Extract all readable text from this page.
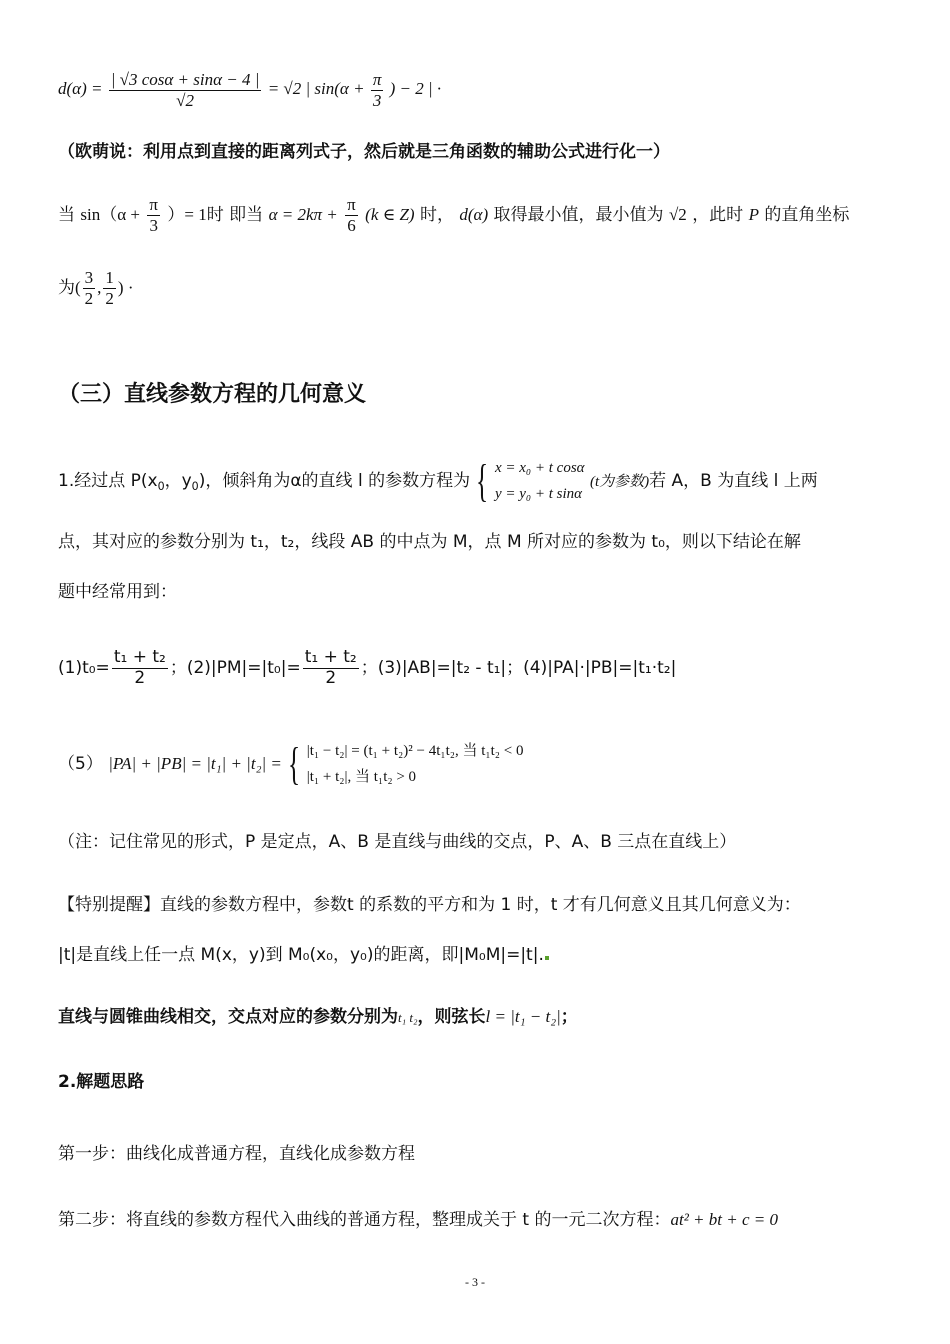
$d(\alpha) = \frac{| √3 \cos\alpha + \sin\alpha - 4 |}{√2} = √2$ | $\sin(\alpha + \frac{\pi}{3}$ ) − 2 | ·
（欧萌说：利用点到直接的距离列式子，然后就是三角函数的辅助公式进行化一）
当 $\sin(\alpha + \frac{\pi}{3}$ ）= 1时 即当 $\alpha = 2k\pi + \frac{\pi}{6} (k$ ∈ Z) 时， d(α) 取得最小值，最小值为 √2 ，此时 P 的直角坐标
为( $\frac{3}{2}$ , $\frac{1}{2}$ ) ·
（三）直线参数方程的几何意义
1.经过点 $P(x_0$，$y_0$)，倾斜角为α的直线 l 的参数方程为 { x = x₀ + t cosα
y = y₀ + t sinα
(t为参数)若 A，B 为直线 l 上两
点，其对应的参数分别为 t₁，t₂，线段 AB 的中点为 M，点 M 所对应的参数为 t₀，则以下结论在解
题中经常用到：
$(1)t_0= \frac{\text{t₁ + t₂}}{2}$ ；$(2)|PM|=|t_0|= \frac{\text{t₁ + t₂}}{2}$ ；(3)|AB|=|t₂ - t₁|；(4)|PA|·|PB|=|t₁·t₂|
（5） |PA| + |PB| = |t₁| + |t₂| = { |t₁ − t₂| = (t₁ + t₂)² − 4t₁t₂, 当 t₁t₂ < 0
|t₁ + t₂|, 当 t₁t₂ > 0
（注：记住常见的形式，P 是定点，A、B 是直线与曲线的交点，P、A、B 三点在直线上）
【特别提醒】直线的参数方程中，参数t 的系数的平方和为 1 时，t 才有几何意义且其几何意义为：
|t|是直线上任一点 M(x，y)到 M₀(x₀，y₀)的距离，即|M₀M|=|t|.
直线与圆锥曲线相交，交点对应的参数分别为t₁ t₂，则弦长l = |t₁ − t₂|；
2.解题思路
第一步：曲线化成普通方程，直线化成参数方程
第二步：将直线的参数方程代入曲线的普通方程，整理成关于 t 的一元二次方程：at² + bt + c = 0
- 3 -
